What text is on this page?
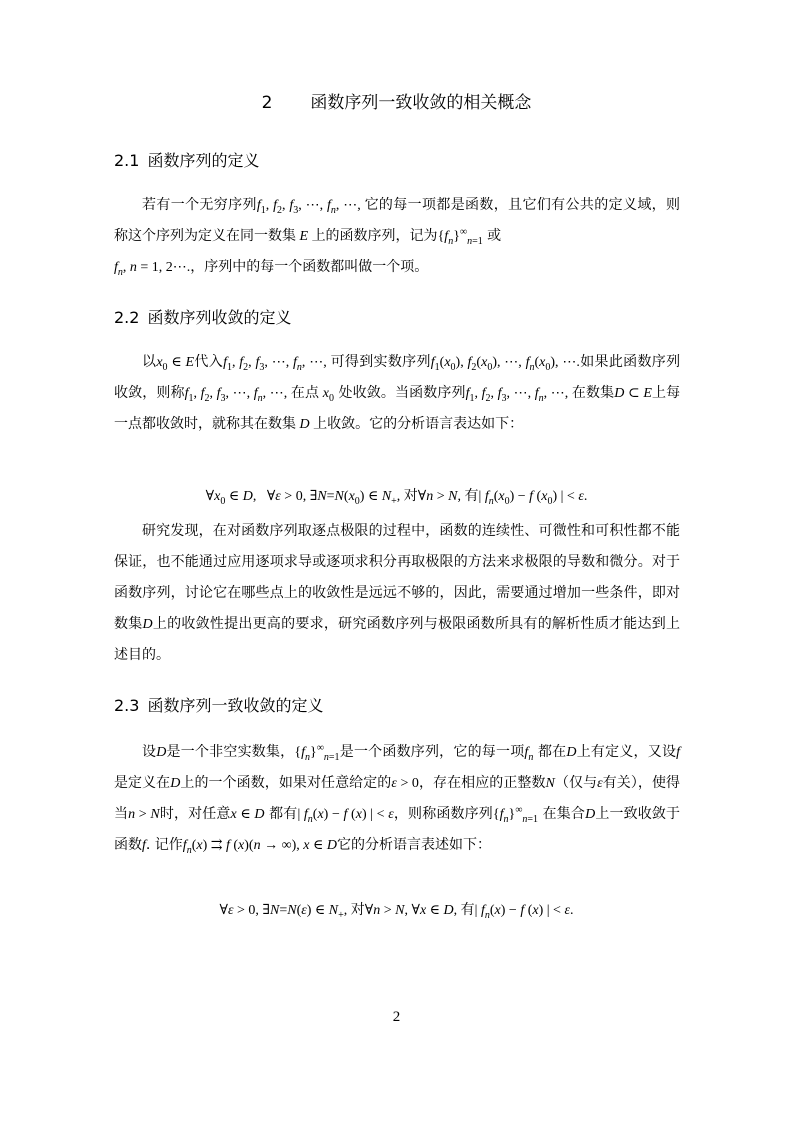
2 函数序列一致收敛的相关概念
2.1 函数序列的定义

若有一个无穷序列$f_1$, $f_2$, $f_3$, ⋯, $f_n$, ⋯, 它的每一项都是函数，且它们有公共的定义域，则称这个序列为定义在同一数集 E 上的函数序列，记为$\{f_n\}^\infty_{n=1}$ 或
$f_n$, n = 1, 2⋯.，序列中的每一个函数都叫做一个项。

2.2 函数序列收敛的定义

以$x_0$ ∈ E代入$f_1$, $f_2$, $f_3$, ⋯, $f_n$, ⋯, 可得到实数序列$f_1(x_0)$, $f_2(x_0)$, ⋯, $f_n(x_0)$, ⋯.如果此函数序列收敛，则称$f_1$, $f_2$, $f_3$, ⋯, $f_n$, ⋯, 在点 $x_0$ 处收敛。当函数序列$f_1$, $f_2$, $f_3$, ⋯, $f_n$, ⋯, 在数集D ⊂ E上每一点都收敛时，就称其在数集 D 上收敛。它的分析语言表达如下：

$\forall x_0$ ∈ D,   ∀ε > 0, $\exists N=N(x_0)$ ∈ $N_+$, 对∀n > N, 有| $f_n(x_0) - f$ $(x_0)$ | < ε.

研究发现，在对函数序列取逐点极限的过程中，函数的连续性、可微性和可积性都不能保证，也不能通过应用逐项求导或逐项求积分再取极限的方法来求极限的导数和微分。对于函数序列，讨论它在哪些点上的收敛性是远远不够的，因此，需要通过增加一些条件，即对数集D上的收敛性提出更高的要求，研究函数序列与极限函数所具有的解析性质才能达到上述目的。

2.3 函数序列一致收敛的定义

设D是一个非空实数集，$\{f_n\}^\infty_{n=1}$是一个函数序列，它的每一项$f_n$ 都在D上有定义，又设f 是定义在D上的一个函数，如果对任意给定的ε > 0，存在相应的正整数N（仅与ε有关），使得当n > N时，对任意x ∈ D 都有| $f_n(x) - f$ (x) | < ε，则称函数序列$\{f_n\}^\infty_{n=1}$ 在集合D上一致收敛于函数f. 记作$f_n(x)$ ⇉ f (x)(n → ∞), x ∈ D它的分析语言表述如下：

∀ε > 0, ∃N=N(ε) ∈ $N_+$, 对∀n > N, ∀x ∈ D, 有| $f_n(x) - f$ (x) | < ε.
2
